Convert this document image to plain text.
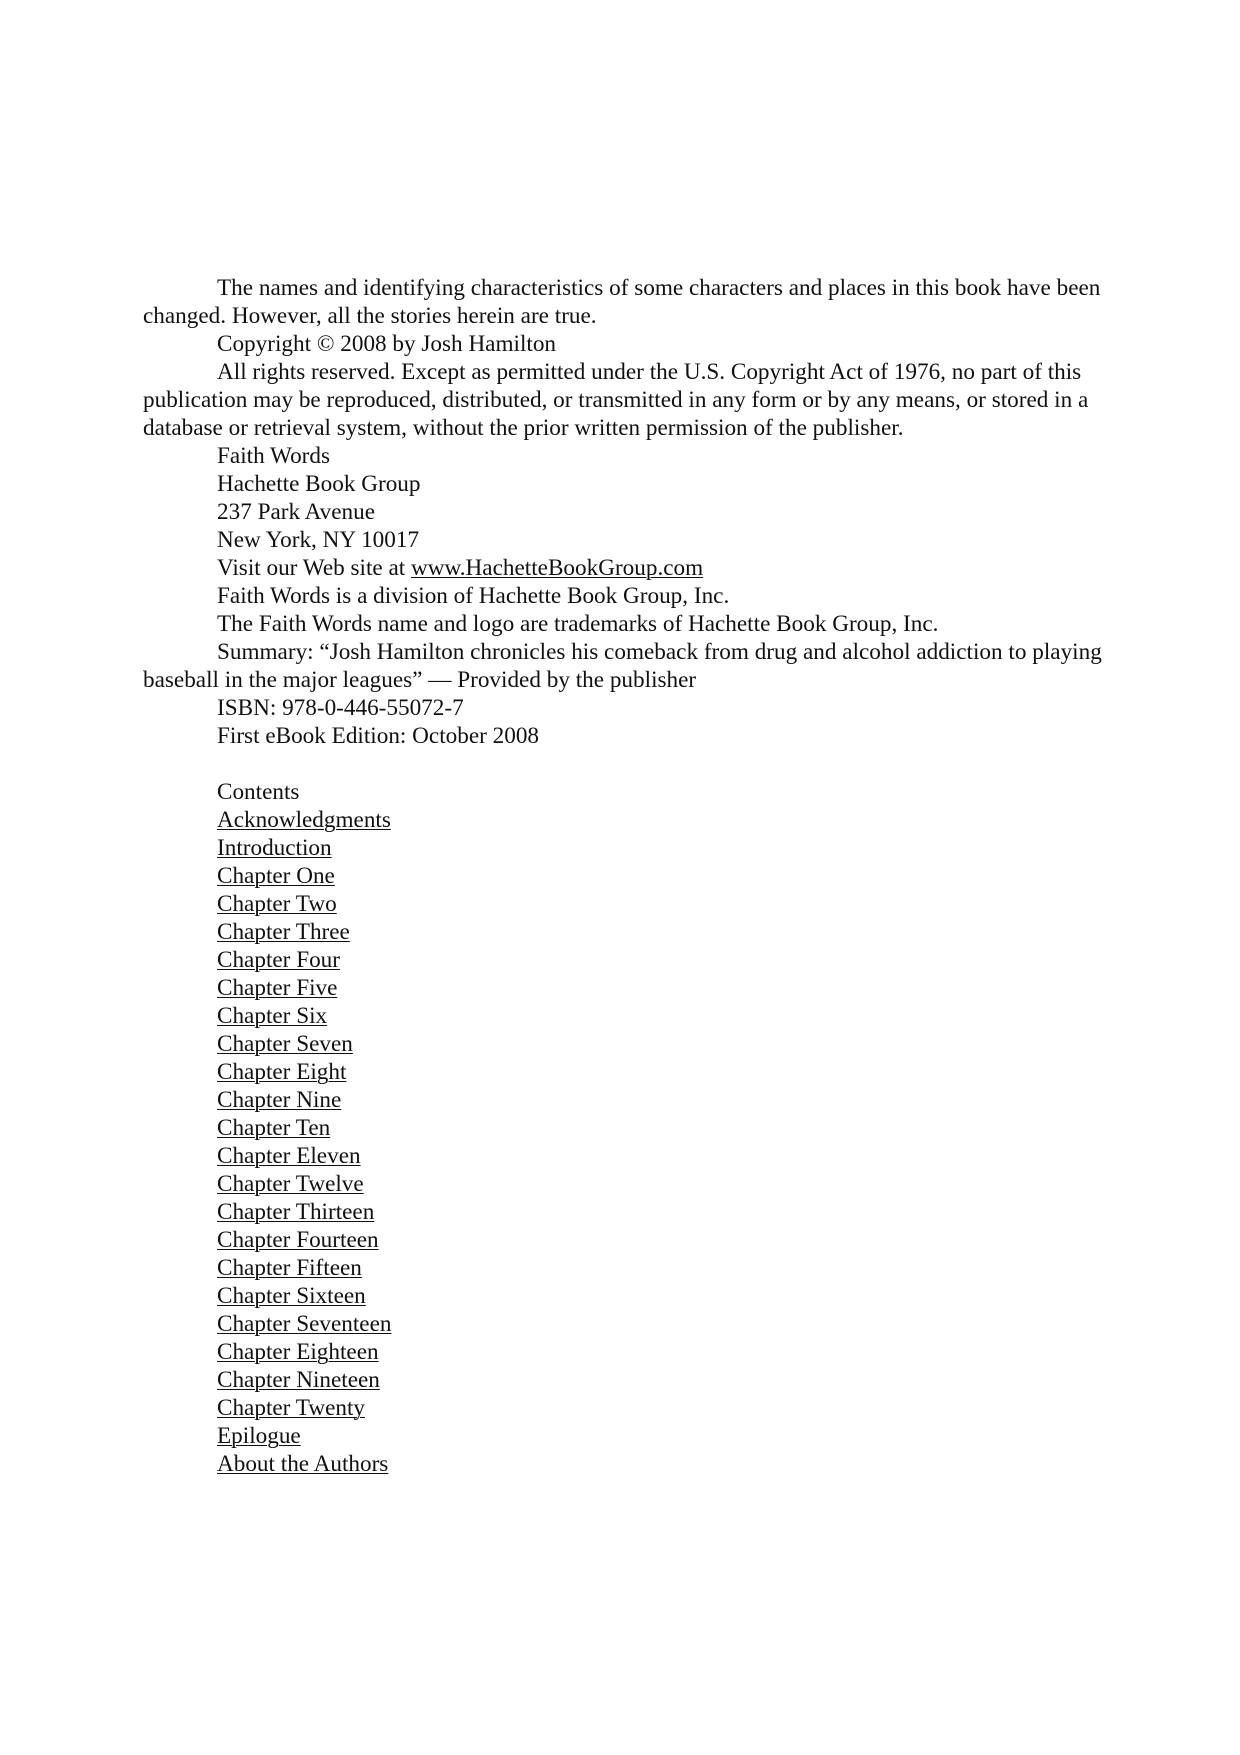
The names and identifying characteristics of some characters and places in this book have been changed. However, all the stories herein are true.

Copyright © 2008 by Josh Hamilton

All rights reserved. Except as permitted under the U.S. Copyright Act of 1976, no part of this publication may be reproduced, distributed, or transmitted in any form or by any means, or stored in a database or retrieval system, without the prior written permission of the publisher.

Faith Words

Hachette Book Group

237 Park Avenue

New York, NY 10017

Visit our Web site at www.HachetteBookGroup.com

Faith Words is a division of Hachette Book Group, Inc.

The Faith Words name and logo are trademarks of Hachette Book Group, Inc.

Summary: “Josh Hamilton chronicles his comeback from drug and alcohol addiction to playing baseball in the major leagues” — Provided by the publisher

ISBN: 978-0-446-55072-7

First eBook Edition: October 2008

Contents

Acknowledgments
Introduction
Chapter One
Chapter Two
Chapter Three
Chapter Four
Chapter Five
Chapter Six
Chapter Seven
Chapter Eight
Chapter Nine
Chapter Ten
Chapter Eleven
Chapter Twelve
Chapter Thirteen
Chapter Fourteen
Chapter Fifteen
Chapter Sixteen
Chapter Seventeen
Chapter Eighteen
Chapter Nineteen
Chapter Twenty
Epilogue
About the Authors
